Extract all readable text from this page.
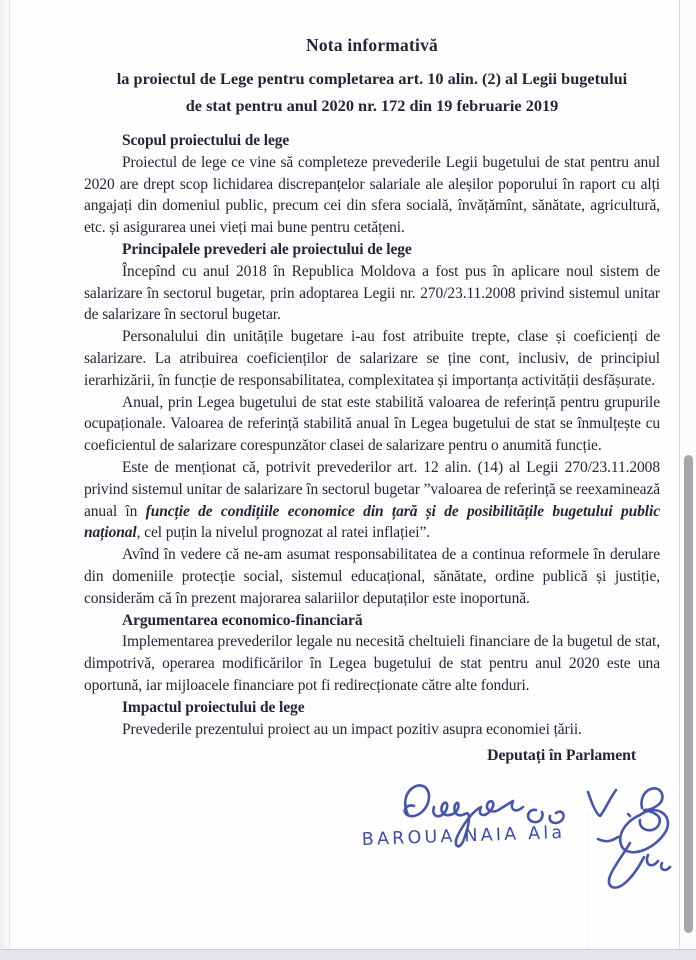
Nota informativă
la proiectul de Lege pentru completarea art. 10 alin. (2) al Legii bugetului
de stat pentru anul 2020 nr. 172 din 19 februarie 2019
Scopul proiectului de lege

Proiectul de lege ce vine să completeze prevederile Legii bugetului de stat pentru anul 2020 are drept scop lichidarea discrepanțelor salariale ale aleșilor poporului în raport cu alți angajați din domeniul public, precum cei din sfera socială, învățămînt, sănătate, agricultură, etc. și asigurarea unei vieți mai bune pentru cetățeni.

Principalele prevederi ale proiectului de lege

Începînd cu anul 2018 în Republica Moldova a fost pus în aplicare noul sistem de salarizare în sectorul bugetar, prin adoptarea Legii nr. 270/23.11.2008 privind sistemul unitar de salarizare în sectorul bugetar.

Personalului din unitățile bugetare i-au fost atribuite trepte, clase și coeficienți de salarizare. La atribuirea coeficienților de salarizare se ține cont, inclusiv, de principiul ierarhizării, în funcție de responsabilitatea, complexitatea și importanța activității desfășurate.

Anual, prin Legea bugetului de stat este stabilită valoarea de referință pentru grupurile ocupaționale. Valoarea de referință stabilită anual în Legea bugetului de stat se înmulțește cu coeficientul de salarizare corespunzător clasei de salarizare pentru o anumită funcție.

Este de menționat că, potrivit prevederilor art. 12 alin. (14) al Legii 270/23.11.2008 privind sistemul unitar de salarizare în sectorul bugetar ”valoarea de referință se reexaminează anual în funcție de condițiile economice din țară și de posibilitățile bugetului public național, cel puțin la nivelul prognozat al ratei inflației”.

Avînd în vedere că ne-am asumat responsabilitatea de a continua reformele în derulare din domeniile protecție social, sistemul educațional, sănătate, ordine publică și justiție, considerăm că în prezent majorarea salariilor deputaților este inoportună.

Argumentarea economico-financiară

Implementarea prevederilor legale nu necesită cheltuieli financiare de la bugetul de stat, dimpotrivă, operarea modificărilor în Legea bugetului de stat pentru anul 2020 este una oportună, iar mijloacele financiare pot fi redirecționate către alte fonduri.

Impactul proiectului de lege

Prevederile prezentului proiect au un impact pozitiv asupra economiei țării.

Deputați în Parlament
BAROUA NAIA Ala
